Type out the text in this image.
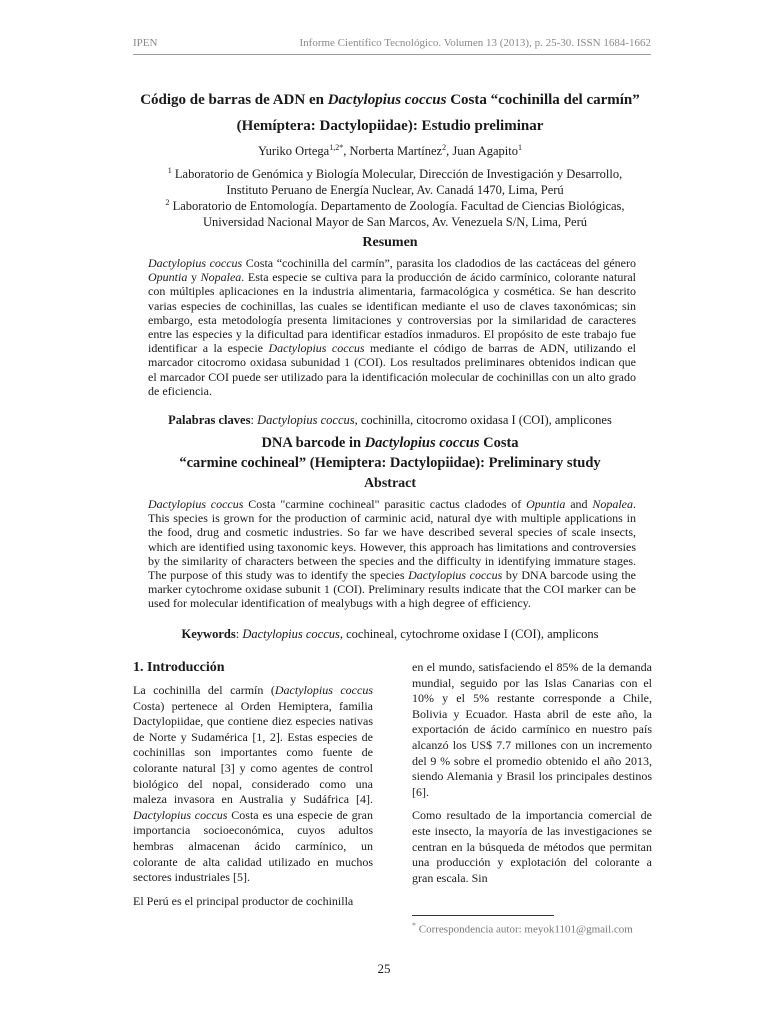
IPEN	Informe Científico Tecnológico. Volumen 13 (2013), p. 25-30. ISSN 1684-1662
Código de barras de ADN en Dactylopius coccus Costa “cochinilla del carmín”
(Hemíptera: Dactylopiidae): Estudio preliminar
Yuriko Ortega$^{1,2*}$, Norberta Martínez$^2$, Juan Agapito$^1$
$^1$ Laboratorio de Genómica y Biología Molecular, Dirección de Investigación y Desarrollo,
Instituto Peruano de Energía Nuclear, Av. Canadá 1470, Lima, Perú
$^2$ Laboratorio de Entomología. Departamento de Zoología. Facultad de Ciencias Biológicas,
Universidad Nacional Mayor de San Marcos, Av. Venezuela S/N, Lima, Perú
Resumen
Dactylopius coccus Costa “cochinilla del carmín”, parasita los cladodios de las cactáceas del género Opuntia y Nopalea. Esta especie se cultiva para la producción de ácido carmínico, colorante natural con múltiples aplicaciones en la industria alimentaria, farmacológica y cosmética. Se han descrito varias especies de cochinillas, las cuales se identifican mediante el uso de claves taxonómicas; sin embargo, esta metodología presenta limitaciones y controversias por la similaridad de caracteres entre las especies y la dificultad para identificar estadíos inmaduros. El propósito de este trabajo fue identificar a la especie Dactylopius coccus mediante el código de barras de ADN, utilizando el marcador citocromo oxidasa subunidad 1 (COI). Los resultados preliminares obtenidos indican que el marcador COI puede ser utilizado para la identificación molecular de cochinillas con un alto grado de eficiencia.
Palabras claves: Dactylopius coccus, cochinilla, citocromo oxidasa I (COI), amplicones
DNA barcode in Dactylopius coccus Costa
“carmine cochineal” (Hemiptera: Dactylopiidae): Preliminary study
Abstract
Dactylopius coccus Costa "carmine cochineal" parasitic cactus cladodes of Opuntia and Nopalea. This species is grown for the production of carminic acid, natural dye with multiple applications in the food, drug and cosmetic industries. So far we have described several species of scale insects, which are identified using taxonomic keys. However, this approach has limitations and controversies by the similarity of characters between the species and the difficulty in identifying immature stages. The purpose of this study was to identify the species Dactylopius coccus by DNA barcode using the marker cytochrome oxidase subunit 1 (COI). Preliminary results indicate that the COI marker can be used for molecular identification of mealybugs with a high degree of efficiency.
Keywords: Dactylopius coccus, cochineal, cytochrome oxidase I (COI), amplicons
1. Introducción

La cochinilla del carmín (Dactylopius coccus Costa) pertenece al Orden Hemiptera, familia Dactylopiidae, que contiene diez especies nativas de Norte y Sudamérica [1, 2]. Estas especies de cochinillas son importantes como fuente de colorante natural [3] y como agentes de control biológico del nopal, considerado como una maleza invasora en Australia y Sudáfrica [4]. Dactylopius coccus Costa es una especie de gran importancia socioeconómica, cuyos adultos hembras almacenan ácido carmínico, un colorante de alta calidad utilizado en muchos sectores industriales [5].

El Perú es el principal productor de cochinilla

en el mundo, satisfaciendo el 85% de la demanda mundial, seguido por las Islas Canarias con el 10% y el 5% restante corresponde a Chile, Bolivia y Ecuador. Hasta abril de este año, la exportación de ácido carmínico en nuestro país alcanzó los US$ 7.7 millones con un incremento del 9 % sobre el promedio obtenido el año 2013, siendo Alemania y Brasil los principales destinos [6].

Como resultado de la importancia comercial de este insecto, la mayoría de las investigaciones se centran en la búsqueda de métodos que permitan una producción y explotación del colorante a gran escala. Sin

* Correspondencia autor: meyok1101@gmail.com
25
